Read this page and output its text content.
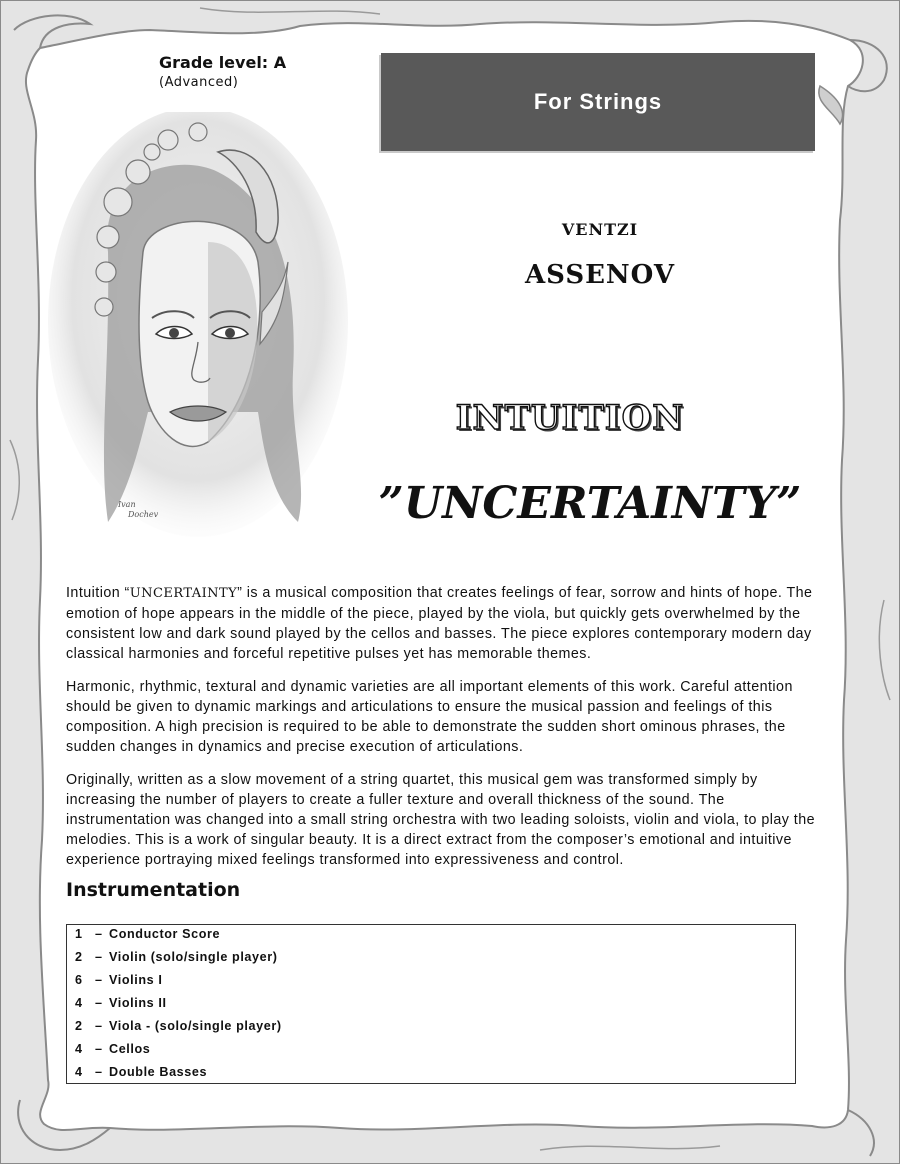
Grade level: A
(Advanced)
For Strings
Ivan Dochev
VENTZI
ASSENOV
INTUITION
”UNCERTAINTY”

Intuition “UNCERTAINTY” is a musical composition that creates feelings of fear, sorrow and hints of hope. The emotion of hope appears in the middle of the piece, played by the viola, but quickly gets overwhelmed by the consistent low and dark sound played by the cellos and basses. The piece explores contemporary modern day classical harmonies and forceful repetitive pulses yet has memorable themes.

Harmonic, rhythmic, textural and dynamic varieties are all important elements of this work. Careful attention should be given to dynamic markings and articulations to ensure the musical passion and feelings of this composition. A high precision is required to be able to demonstrate the sudden short ominous phrases, the sudden changes in dynamics and precise execution of articulations.

Originally, written as a slow movement of a string quartet, this musical gem was transformed simply by increasing the number of players to create a fuller texture and overall thickness of the sound. The instrumentation was changed into a small string orchestra with two leading soloists, violin and viola, to play the melodies. This is a work of singular beauty. It is a direct extract from the composer’s emotional and intuitive experience portraying mixed feelings transformed into expressiveness and control.

Instrumentation
1 – Conductor Score
2 – Violin (solo/single player)
6 – Violins I
4 – Violins II
2 – Viola - (solo/single player)
4 – Cellos
4 – Double Basses
